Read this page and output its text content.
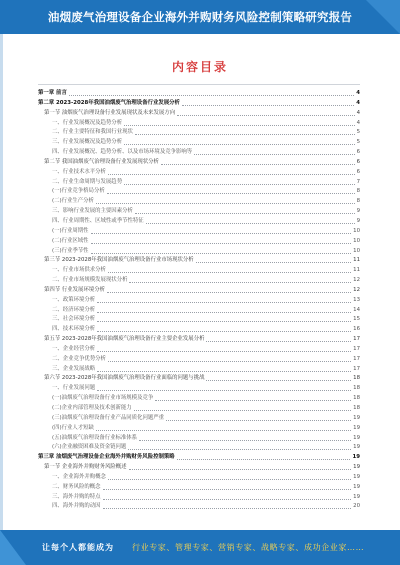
油烟废气治理设备企业海外并购财务风险控制策略研究报告
内容目录
第一章 前言	4
第二章 2023-2028年我国油烟废气治理设备行业发展分析	4
第一节 油烟废气治理设备行业发展现状及未来发展方向	4
一、行业发展概况及趋势分析	4
二、行业主要特征和我国行业现状	5
三、行业发展概况及趋势分析	5
四、行业发展概况、趋势分析、以及市场环境及竞争影响等	6
第二节 我国油烟废气治理设备行业发展现状分析	6
一、行业技术水平分析	6
二、行业生命周期与发展趋势	7
(一)行业竞争格局分析	8
(二)行业生产分析	8
三、影响行业发展的主要因素分析	9
四、行业周期性、区域性或季节性特征	9
(一)行业周期性	10
(二)行业区域性	10
(三)行业季节性	10
第三节 2023-2028年我国油烟废气治理设备行业市场现状分析	11
一、行业市场供求分析	11
二、行业市场规模发展现状分析	12
第四节 行业发展环境分析	12
一、政策环境分析	13
二、经济环境分析	14
三、社会环境分析	15
四、技术环境分析	16
第五节 2023-2028年我国油烟废气治理设备行业主要企业发展分析	17
一、企业经营分析	17
二、企业竞争优势分析	17
三、企业发展战略	17
第六节 2023-2028年我国油烟废气治理设备行业面临的问题与挑战	18
一、行业发展问题	18
(一)油烟废气治理设备行业市场规模及竞争	18
(二)企业内部管理及技术创新能力	18
(三)油烟废气治理设备行业产品同质化问题严重	19
(四)行业人才短缺	19
(五)油烟废气治理设备行业标准体系	19
(六)企业融资困难及资金链问题	19
第三章 油烟废气治理设备企业海外并购财务风险控制策略	19
第一节 企业海外并购财务风险概述	19
一、企业海外并购概念	19
二、财务风险的概念	19
三、海外并购的特点	19
四、海外并购的动因	20
让每个人都能成为 行业专家、管理专家、营销专家、战略专家、成功企业家……
